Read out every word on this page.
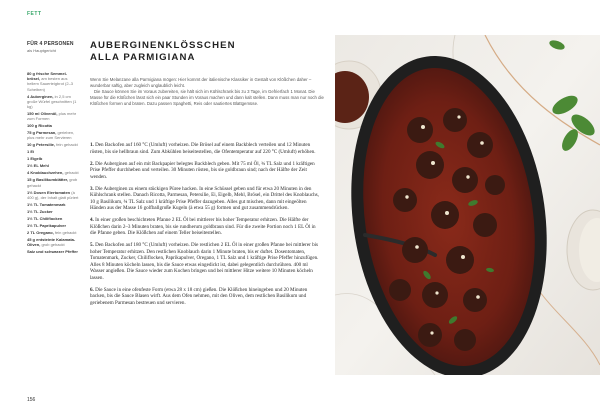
FETT
FÜR 4 PERSONEN
als Hauptgericht
80 g frische Semmel-brösel, am besten aus hellem Sauerteigbrot (2–3 Scheiben)
4 Auberginen, in 2,5 cm große Würfel geschnitten (1 kg)
150 ml Olivenöl, plus mehr zum Formen
100 g Ricotta
75 g Parmesan, gerieben, plus mehr zum Servieren
10 g Petersilie, fein gehackt
1 Ei
1 Eigelb
1½ EL Mehl
4 Knoblauchzehen, gehackt
15 g Basilikumblätter, grob gehackt
1½ Dosen Eiertomaten (à 400 g), der Inhalt glatt püriert
1½ TL Tomatenmark
1½ TL Zucker
1½ TL Chiliflocken
1½ TL Paprikapulver
2 TL Oregano, fein gehackt
45 g entsteinte Kalamata-Oliven, grob gehackt
Salz und schwarzer Pfeffer
AUBERGINENKLÖSSCHEN
ALLA PARMIGIANA

Wenn Sie Melanzane alla Parmigiana mögen: Hier kommt der italienische Klassiker in Gestalt von Klößchen daher – wunderbar saftig, aber zugleich unglaublich leicht.

Die Sauce können Sie im Voraus zubereiten, sie hält sich im Kühlschrank bis zu 3 Tage, im Gefrierfach 1 Monat. Die Masse für die Klößchen lässt sich ein paar Stunden im Voraus machen und dann kalt stellen. Dann muss man nur noch die Klößchen formen und braten. Dazu passen Spaghetti, Reis oder sautiertes Blattgemüse.

1. Den Backofen auf 160 °C (Umluft) vorheizen. Die Brösel auf einem Backblech verteilen und 12 Minuten rösten, bis sie hellbraun sind. Zum Abkühlen beiseitestellen, die Ofentemperatur auf 220 °C (Umluft) erhöhen.

2. Die Auberginen auf ein mit Backpapier belegtes Backblech geben. Mit 75 ml Öl, ¾ TL Salz und 1 kräftigen Prise Pfeffer durchheben und verteilen. 30 Minuten rösten, bis sie goldbraun sind; nach der Hälfte der Zeit wenden.

3. Die Auberginen zu einem stückigen Püree hacken. In eine Schüssel geben und für etwa 20 Minuten in den Kühlschrank stellen. Danach Ricotta, Parmesan, Petersilie, Ei, Eigelb, Mehl, Brösel, ein Drittel des Knoblauchs, 10 g Basilikum, ¾ TL Salz und 1 kräftige Prise Pfeffer dazugeben. Alles gut mischen, dann mit eingeölten Händen aus der Masse 16 golfballgroße Kugeln (à etwa 55 g) formen und gut zusammendrücken.

4. In einer großen beschichteten Pfanne 2 EL Öl bei mittlerer bis hoher Temperatur erhitzen. Die Hälfte der Klößchen darin 2–3 Minuten braten, bis sie rundherum goldbraun sind. Für die zweite Portion noch 1 EL Öl in die Pfanne geben. Die Klößchen auf einem Teller beiseitestellen.

5. Den Backofen auf 180 °C (Umluft) vorheizen. Die restlichen 2 EL Öl in einer großen Pfanne bei mittlerer bis hoher Temperatur erhitzen. Den restlichen Knoblauch darin 1 Minute braten, bis er duftet. Dosentomaten, Tomatenmark, Zucker, Chiliflocken, Paprikapulver, Oregano, 1 TL Salz und 1 kräftige Prise Pfeffer hinzufügen. Alles 8 Minuten köcheln lassen, bis die Sauce etwas eingedickt ist, dabei gelegentlich durchrühren. 400 ml Wasser angießen. Die Sauce wieder zum Kochen bringen und bei mittlerer Hitze weitere 10 Minuten köcheln lassen.

6. Die Sauce in eine ofenfeste Form (etwa 28 x 18 cm) gießen. Die Klößchen hineingeben und 20 Minuten backen, bis die Sauce Blasen wirft. Aus dem Ofen nehmen, mit den Oliven, dem restlichen Basilikum und geriebenem Parmesan bestreuen und servieren.

156
